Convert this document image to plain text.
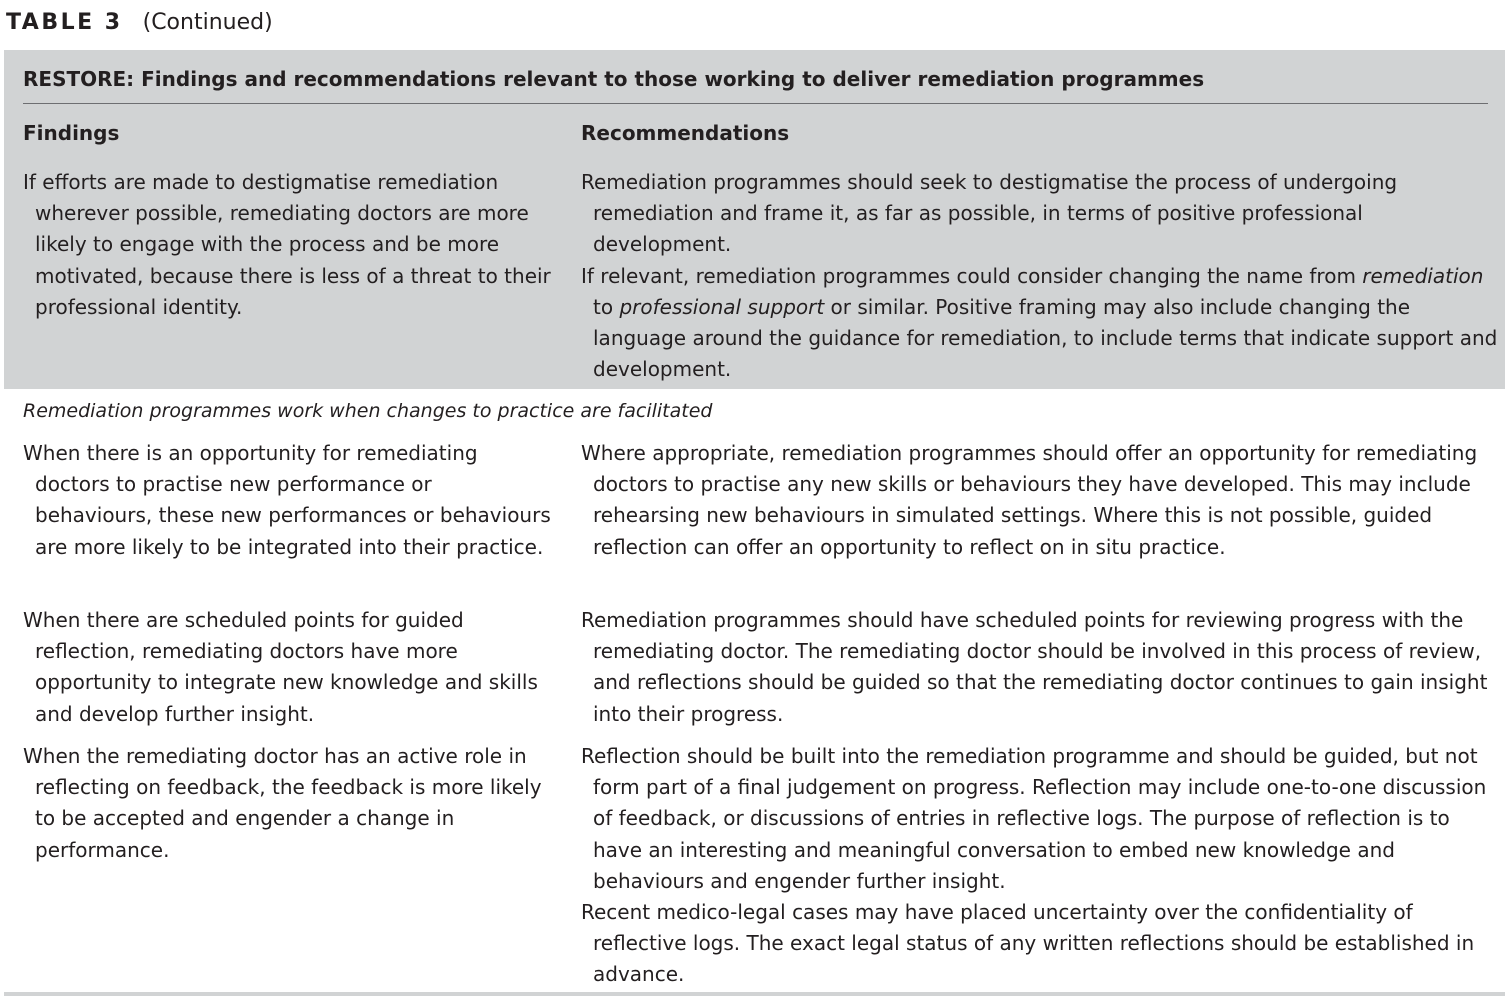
TABLE 3 (Continued)
RESTORE: Findings and recommendations relevant to those working to deliver remediation programmes
Findings	Recommendations

If efforts are made to destigmatise remediation wherever possible, remediating doctors are more likely to engage with the process and be more motivated, because there is less of a threat to their professional identity.

Remediation programmes should seek to destigmatise the process of undergoing remediation and frame it, as far as possible, in terms of positive professional development.

If relevant, remediation programmes could consider changing the name from remediation to professional support or similar. Positive framing may also include changing the language around the guidance for remediation, to include terms that indicate support and development.

Remediation programmes work when changes to practice are facilitated

When there is an opportunity for remediating doctors to practise new performance or behaviours, these new performances or behaviours are more likely to be integrated into their practice.

Where appropriate, remediation programmes should offer an opportunity for remediating doctors to practise any new skills or behaviours they have developed. This may include rehearsing new behaviours in simulated settings. Where this is not possible, guided reflection can offer an opportunity to reflect on in situ practice.

When there are scheduled points for guided reflection, remediating doctors have more opportunity to integrate new knowledge and skills and develop further insight.

Remediation programmes should have scheduled points for reviewing progress with the remediating doctor. The remediating doctor should be involved in this process of review, and reflections should be guided so that the remediating doctor continues to gain insight into their progress.

When the remediating doctor has an active role in reflecting on feedback, the feedback is more likely to be accepted and engender a change in performance.

Reflection should be built into the remediation programme and should be guided, but not form part of a final judgement on progress. Reflection may include one-to-one discussion of feedback, or discussions of entries in reflective logs. The purpose of reflection is to have an interesting and meaningful conversation to embed new knowledge and behaviours and engender further insight.

Recent medico-legal cases may have placed uncertainty over the confidentiality of reflective logs. The exact legal status of any written reflections should be established in advance.
